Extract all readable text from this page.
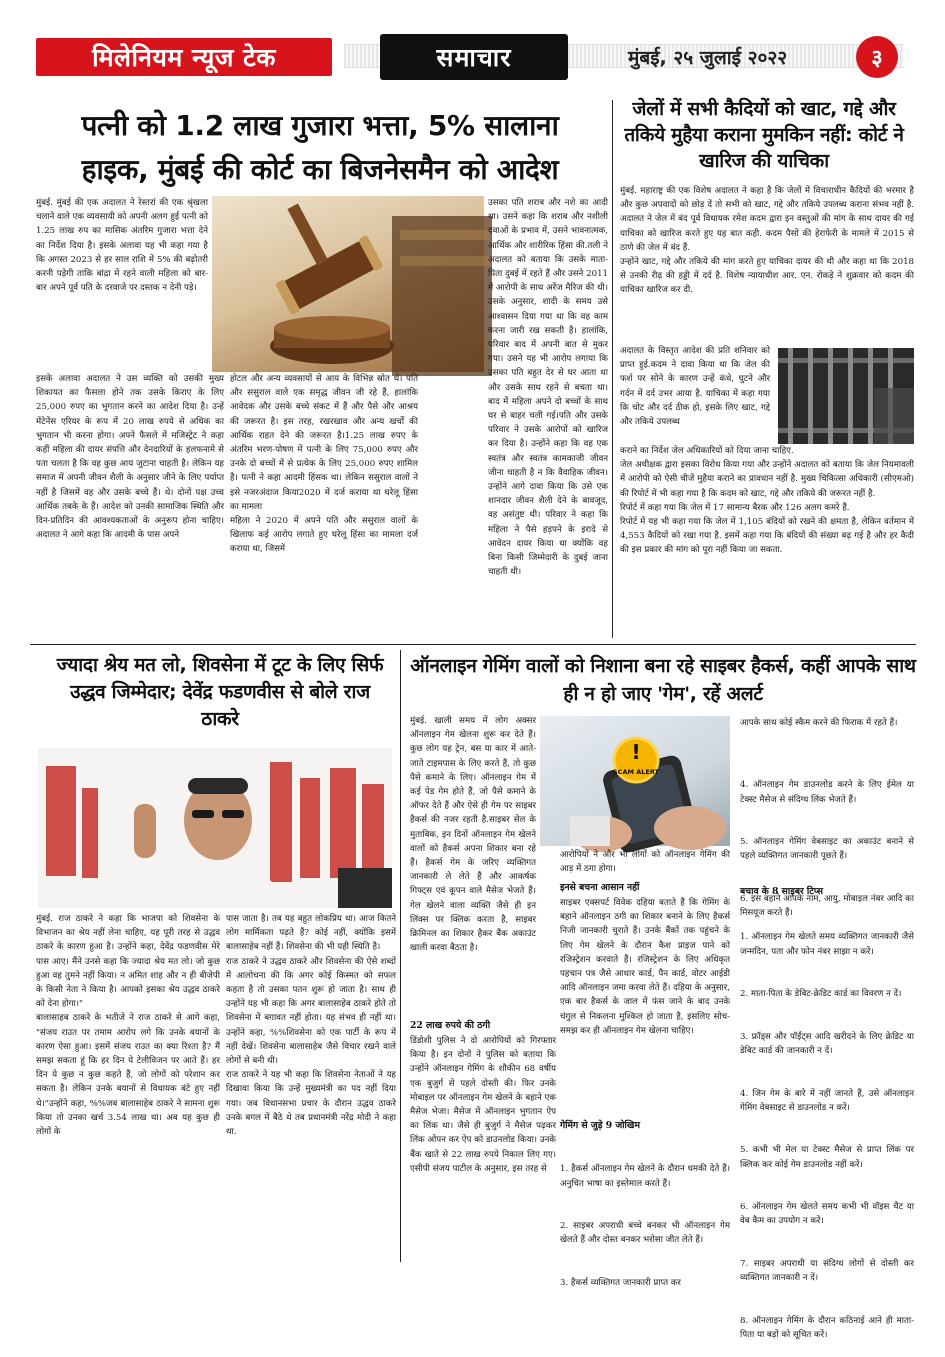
मिलेनियम न्यूज टेक	समाचार	मुंबई, २५ जुलाई २०२२	३
पत्नी को 1.2 लाख गुजारा भत्ता, 5% सालाना
हाइक, मुंबई की कोर्ट का बिजनेसमैन को आदेश
मुंबई. मुंबई की एक अदालत ने रेस्तरां की एक श्रृंखला चलाने वाले एक व्यवसायी को अपनी अलग हुई पत्नी को 1.25 लाख रुप का मासिक अंतरिम गुजारा भत्ता देने का निर्देश दिया है। इसके अलावा यह भी कहा गया है कि अगस्त 2023 से हर साल राशि में 5% की बढ़ोतरी करनी पड़ेगी ताकि बांद्रा में रहने वाली महिला को बार-बार अपने पूर्व पति के दरवाजे पर दस्तक न देनी पड़े।
इसके अलावा अदालत ने उस व्यक्ति को उसकी मुख्य शिकायत का फैसला होने तक उसके किराए के लिए 25,000 रुपए का भुगतान करने का आदेश दिया है। उन्हें मेंटेनेंस एरियर के रूप में 20 लाख रुपये से अधिक का भुगतान भी करना होगा। अपने फैसले में मजिस्ट्रेट ने कहा कहीं महिला की दायर संपत्ति और देनदारियों के हलफनामे से पता चलता है कि वह कुछ आय जुटाना चाहती है। लेकिन यह समाज में अपनी जीवन शैली के अनुसार जीने के लिए पर्याप्त नहीं है जिसमें वह और उसके बच्चे हैं। थे। दोनों पक्ष उच्च आर्थिक तबके के हैं। आदेश को उनकी सामाजिक स्थिति और दिन-प्रतिदिन की आवश्यकताओं के अनुरूप होना चाहिए। अदालत ने आगे कहा कि आदमी के पास अपने
होटल और अन्य व्यवसायों से आय के विभिन्न स्रोत थे। पति और ससुराल वाले एक समृद्ध जीवन जी रहे हैं, हालांकि आवेदक और उसके बच्चे संकट में हैं और पैसे और आश्रय की जरूरत है। इस तरह, रखरखाव और अन्य खर्चों की आर्थिक राहत देने की जरूरत है।1.25 लाख रुपए के अंतरिम भरण-पोषण में पत्नी के लिए 75,000 रुपए और उनके दो बच्चों में से प्रत्येक के लिए 25,000 रुपए शामिल है। पत्नी ने कहा आदमी हिंसक था। लेकिन ससुराल वालों ने इसे नजरअंदाज किया2020 में दर्ज कराया था घरेलू हिंसा का मामला
महिला ने 2020 में अपने पति और ससुराल वालों के खिलाफ कई आरोप लगाते हुए घरेलू हिंसा का मामला दर्ज कराया था, जिसमें
उसका पति शराब और नशे का आदी था। उसने कहा कि शराब और नशीली दवाओं के प्रभाव में, उसने भावनात्मक, आर्थिक और शारीरिक हिंसा की.तली ने अदालत को बताया कि उसके माता-पिता दुबई में रहते हैं और उसने 2011 में आरोपी के साथ अरेंज मैरिज की थी। उसके अनुसार, शादी के समय उसे आश्वासन दिया गया था कि वह काम करना जारी रख सकती है। हालांकि, परिवार बाद में अपनी बात से मुकर गया। उसने यह भी आरोप लगाया कि उसका पति बहुत देर से घर आता था और उसके साथ रहने से बचता था। बाद में महिला अपने दो बच्चों के साथ घर से बाहर चली गई।पति और उसके परिवार ने उसके आरोपों को खारिज कर दिया है। उन्होंने कहा कि वह एक स्वतंत्र और स्वतंत्र कामकाजी जीवन जीना चाहती है न कि वैवाहिक जीवन। उन्होंने आगे दावा किया कि उसे एक शानदार जीवन शैली देने के बावजूद, वह असंतुष्ट थी। परिवार ने कहा कि महिला ने पैसे हड़पने के इरादे से आवेदन दायर किया था क्योंकि वह बिना किसी जिम्मेदारी के दुबई जाना चाहती थी।
जेलों में सभी कैदियों को खाट, गद्दे और तकिये मुहैया कराना मुमकिन नहीं: कोर्ट ने खारिज की याचिका
मुंबई. महाराष्ट्र की एक विशेष अदालत ने कहा है कि जेलों में विचाराधीन कैदियों की भरमार है और कुछ अपवादों को छोड़ दें तो सभी को खाट, गद्दे और तकिये उपलब्ध कराना संभव नहीं है. अदालत ने जेल में बंद पूर्व विधायक रमेश कदम द्वारा इन वस्तुओं की मांग के साथ दायर की गई याचिका को खारिज करते हुए यह बात कही. कदम पैसों की हेराफेरी के मामले में 2015 से ठाणे की जेल में बंद हैं.
उन्होंने खाट, गद्दे और तकिये की मांग करते हुए याचिका दायर की थी और कहा था कि 2018 से उनकी रीढ़ की हड्डी में दर्द है. विशेष न्यायाधीश आर. एन. रोकड़े ने शुक्रवार को कदम की याचिका खारिज कर दी.
अदालत के विस्तृत आदेश की प्रति शनिवार को प्राप्त हुई.कदम ने दावा किया था कि जेल की फर्श पर सोने के कारण उन्हें कंधे, घुटने और गर्दन में दर्द उभर आया है. याचिका में कहा गया कि चोट और दर्द ठीक हो, इसके लिए खाट, गद्दे और तकिये उपलब्ध
कराने का निर्देश जेल अधिकारियों को दिया जाना चाहिए.
जेल अधीक्षक द्वारा इसका विरोध किया गया और उन्होंने अदालत को बताया कि जेल नियमावली में आरोपी को ऐसी चीजें मुहैया कराने का प्रावधान नहीं है. मुख्य चिकित्सा अधिकारी (सीएमओ) की रिपोर्ट में भी कहा गया है कि कदम को खाट, गद्दे और तकिये की जरूरत नहीं है.
रिपोर्ट में कहा गया कि जेल में 17 सामान्य बैरक और 126 अलग कमरे हैं.
रिपोर्ट में यह भी कहा गया कि जेल में 1,105 बंदियों को रखने की क्षमता है, लेकिन वर्तमान में 4,553 कैदियों को रखा गया है. इसमें कहा गया कि बंदियों की संख्या बढ़ गई है और हर कैदी की इस प्रकार की मांग को पूरा नहीं किया जा सकता.
ज्यादा श्रेय मत लो, शिवसेना में टूट के लिए सिर्फ उद्धव जिम्मेदार; देवेंद्र फडणवीस से बोले राज ठाकरे
मुंबई. राज ठाकरे ने कहा कि भाजपा को शिवसेना के विभाजन का श्रेय नहीं लेना चाहिए, यह पूरी तरह से उद्धव ठाकरे के कारण हुआ है। उन्होंने कहा, देवेंद्र फडणवीस मेरे पास आए। मैंने उनसे कहा कि ज्यादा श्रेय मत लो। जो कुछ हुआ वह तुमने नहीं किया। न अमित शाह और न ही बीजेपी के किसी नेता ने किया है। आपको इसका श्रेय उद्धव ठाकरे को देना होगा।"
बालासाहब ठाकरे के भतीजे ने राज ठाकरे से आगे कहा, "संजय राउत पर तमाम आरोप लगे कि उनके बयानों के कारण ऐसा हुआ। इसमें संजय राउत का क्या रिश्ता है? मैं समझ सकता हूं कि हर दिन ये टेलीविजन पर आते हैं। हर दिन ये कुछ न कुछ कहते हैं, जो लोगों को परेशान कर सकता है। लेकिन उनके बयानों से विधायक बंटे हुए नहीं थे।"उन्होंने कहा, %%जब बालासाहेब ठाकरे ने सामना शुरू किया तो उनका खर्च 3.54 लाख था। अब यह कुछ ही लोगों के
पास जाता है। तब यह बहुत लोकप्रिय था। आज कितने लोग मार्मिकता पढ़ते हैं? कोई नहीं, क्योंकि इसमें बालासाहेब नहीं हैं। शिवसेना की भी यही स्थिति है।
राज ठाकरे ने उद्धव ठाकरे और शिवसेना की ऐसे शब्दों में आलोचना की कि अगर कोई किस्मत को सफल कहता है तो उसका पतन शुरू हो जाता है। साथ ही उन्होंने यह भी कहा कि अगर बालासाहेब ठाकरे होते तो शिवसेना में बगावत नहीं होता। यह संभव ही नहीं था। उन्होंने कहा, %%शिवसेना को एक पार्टी के रूप में नहीं देखें। शिवसेना बालासाहेब जैसे विचार रखने वाले लोगों से बनी थी।
राज ठाकरे ने यह भी कहा कि शिवसेना नेताओं ने यह दिखावा किया कि उन्हें मुख्यमंत्री का पद नहीं दिया गया। जब विधानसभा प्रचार के दौरान उद्धव ठाकरे उनके बगल में बैठे थे तब प्रधानमंत्री नरेंद्र मोदी ने कहा था.
ऑनलाइन गेमिंग वालों को निशाना बना रहे साइबर हैकर्स, कहीं आपके साथ ही न हो जाए 'गेम', रहें अलर्ट
मुंबई. खाली समय में लोग अक्सर ऑनलाइन गेम खेलना शुरू कर देते हैं। कुछ लोग यह ट्रेन, बस या कार में आते-जाते टाइमपास के लिए करते हैं, तो कुछ पैसे कमाने के लिए। ऑनलाइन गेम में कई पेड गेम होते हैं, जो पैसे कमाने के ऑफर देते हैं और ऐसे ही गेम पर साइबर हैकर्स की नजर रहती है.साइबर सेल के मुताबिक, इन दिनों ऑनलाइन गेम खेलने वालों को हैकर्स अपना शिकार बना रहे हैं। हैकर्स गेम के जरिए व्यक्तिगत जानकारी ले लेते हैं और आकर्षक गिफ्ट्स एवं कूपन वाले मैसेज भेजते हैं। गेल खेलने वाला व्यक्ति जैसे ही इन लिंक्स पर क्लिक करता है, साइबर क्रिमिनल का शिकार हैकर बैंक अकाउंट खाली करवा बैठता है।
22 लाख रुपये की ठगी
डिंडोशी पुलिस ने दो आरोपियों को गिरफ्तार किया है। इन दोनों ने पुलिस को बताया कि उन्होंने ऑनलाइन गेमिंग के शौकीन 68 वर्षीय एक बुजुर्ग से पहले दोस्ती की। फिर उनके मोबाइल पर ऑनलाइन गेम खेलने के बहाने एक मैसेज भेजा। मैसेज में ऑनलाइन भुगतान ऐप का लिंक था। जैसे ही बुजुर्ग ने मैसेज पढ़कर लिंक ओपन कर ऐप को डाउनलोड किया। उनके बैंक खाते से 22 लाख रुपये निकाल लिए गए। एसीपी संजय पाटील के अनुसार, इस तरह से
!
SCAM ALERT
आरोपियों ने और भी लोगों को ऑनलाइन गेमिंग की आड़ में ठगा होगा।
इनसे बचना आसान नहीं
साइबर एक्सपर्ट विवेक दहिया बताते हैं कि गेमिंग के बहाने ऑनलाइन ठगी का शिकार बनाने के लिए हैकर्स निजी जानकारी चुराते हैं। उनके बैंकों तक पहुंचने के लिए गेम खेलने के दौरान कैश प्राइज पाने को रजिस्ट्रेशन करवाते हैं। रजिस्ट्रेशन के लिए अधिकृत पहचान पत्र जैसे आधार कार्ड, पैन कार्ड, वोटर आईडी आदि ऑनलाइन जमा करवा लेते हैं। दहिया के अनुसार, एक बार हैकर्स के जाल में फंस जाने के बाद उनके चंगुल से निकलना मुश्किल हो जाता है, इसलिए सोच-समझ कर ही ऑनलाइन गेम खेलना चाहिए।
गेमिंग से जुड़े 9 जोखिम

1. हैकर्स ऑनलाइन गेम खेलने के दौरान धमकी देते हैं। अनुचित भाषा का इस्तेमाल करते हैं।

2. साइबर अपराधी बच्चे बनकर भी ऑनलाइन गेम खेलते हैं और दोस्त बनकर भरोसा जीत लेते हैं।

3. हैकर्स व्यक्तिगत जानकारी प्राप्त कर

आपके साथ कोई स्कैम करने की फिराक में रहते हैं।

4. ऑनलाइन गेम डाउनलोड करने के लिए ईमेल या टेक्स्ट मैसेज से संदिग्ध लिंक भेजते हैं।

5. ऑनलाइन गेमिंग वेबसाइट का अकाउंट बनाने से पहले व्यक्तिगत जानकारी पूछते हैं।

6. इस बहाने आपके नाम, आयु, मोबाइल नंबर आदि का मिसयूज करते हैं।

बचाव के 8 साइबर टिप्स

1. ऑनलाइन गेम खेलते समय व्यक्तिगत जानकारी जैसे जन्मदिन, पता और फोन नंबर साझा न करें।

2. माता-पिता के डेबिट-क्रेडिट कार्ड का विवरण न दें।

3. फ्रॉड्स और पॉईंट्स आदि खरीदने के लिए क्रेडिट या डेबिट कार्ड की जानकारी न दें।

4. जिन गेम के बारे में नहीं जानते हैं, उसे ऑनलाइन गेमिंग वेबसाइट से डाउनलोड न करें।

5. कभी भी मेल या टेक्स्ट मैसेज से प्राप्त लिंक पर क्लिक कर कोई गेम डाउनलोड नहीं करें।

6. ऑनलाइन गेम खेलते समय कभी भी वॉइस चैट या वेब कैम का उपयोग न करें।

7. साइबर अपराधी या संदिग्ध लोगों से दोस्ती कर व्यक्तिगत जानकारी न दें।

8. ऑनलाइन गेमिंग के दौरान कठिनाई आने ही माता-पिता या बड़ों को सूचित करें।
